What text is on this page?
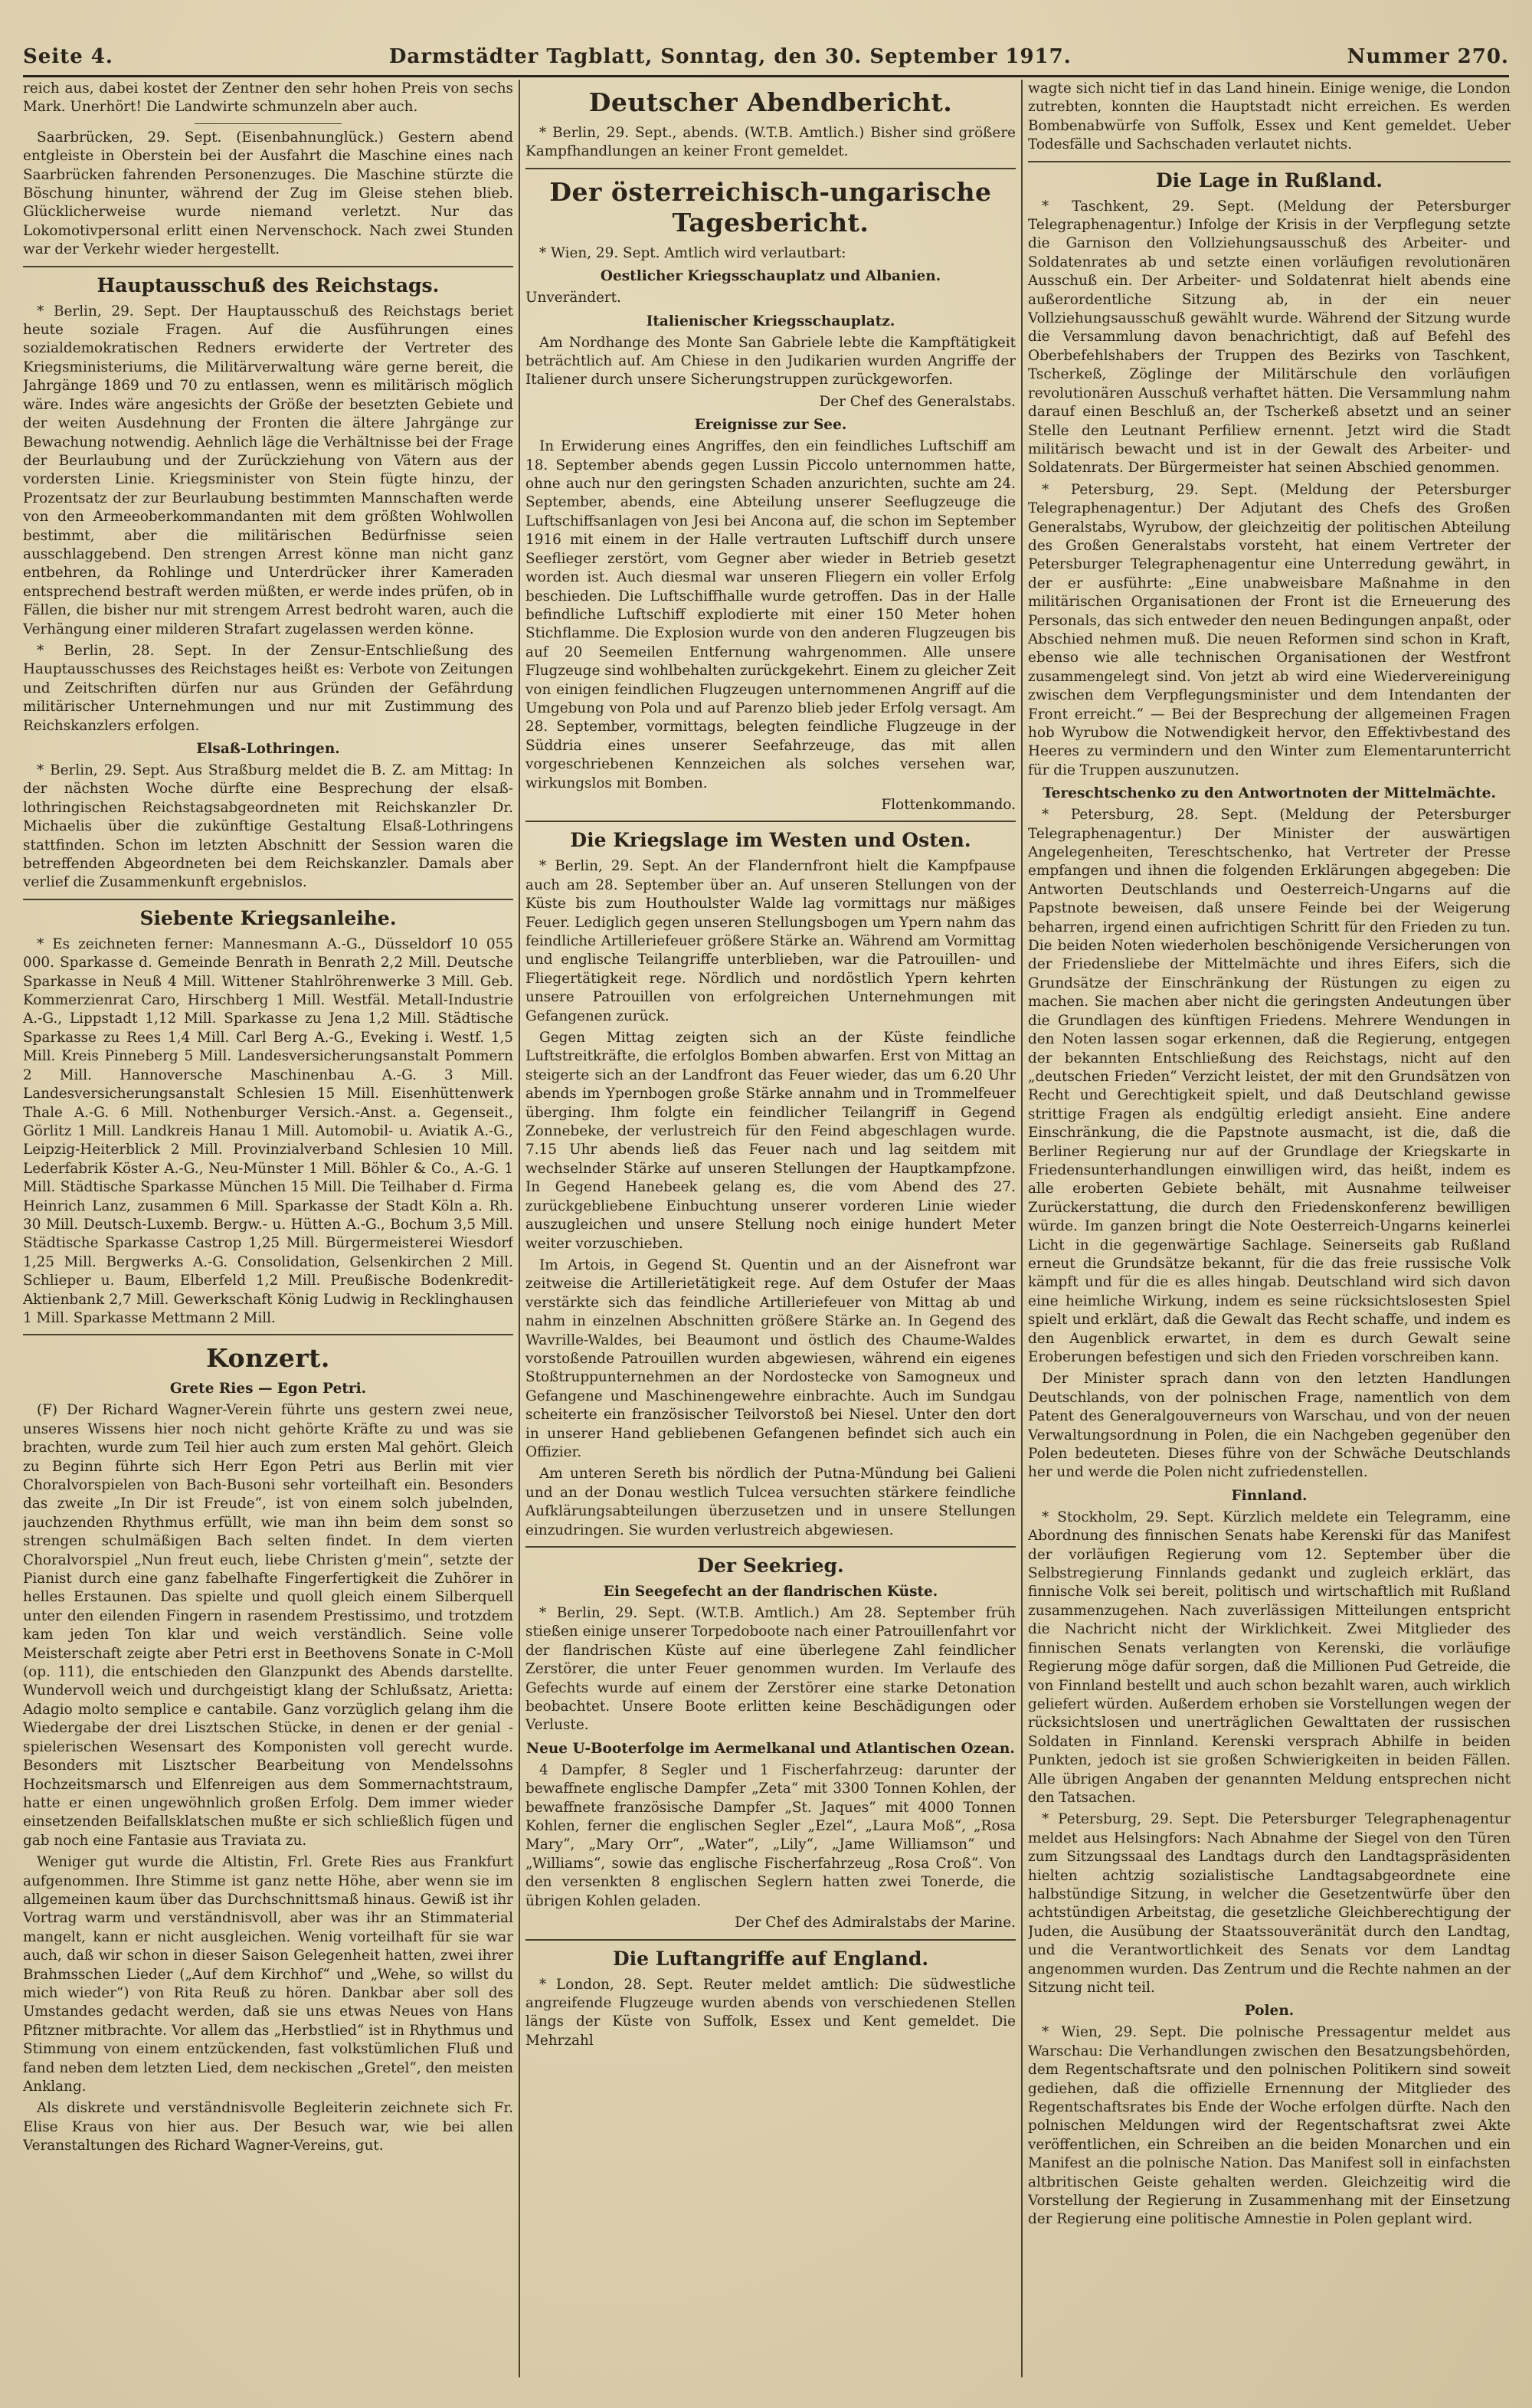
Seite 4.	Darmstädter Tagblatt, Sonntag, den 30. September 1917.	Nummer 270.

reich aus, dabei kostet der Zentner den sehr hohen Preis von sechs Mark. Unerhört! Die Landwirte schmunzeln aber auch.

Saarbrücken, 29. Sept. (Eisenbahnunglück.) Gestern abend entgleiste in Oberstein bei der Ausfahrt die Maschine eines nach Saarbrücken fahrenden Personenzuges. Die Maschine stürzte die Böschung hinunter, während der Zug im Gleise stehen blieb. Glücklicherweise wurde niemand verletzt. Nur das Lokomotivpersonal erlitt einen Nervenschock. Nach zwei Stunden war der Verkehr wieder hergestellt.

Hauptausschuß des Reichstags.

* Berlin, 29. Sept. Der Hauptausschuß des Reichstags beriet heute soziale Fragen. Auf die Ausführungen eines sozialdemokratischen Redners erwiderte der Vertreter des Kriegsministeriums, die Militärverwaltung wäre gerne bereit, die Jahrgänge 1869 und 70 zu entlassen, wenn es militärisch möglich wäre. Indes wäre angesichts der Größe der besetzten Gebiete und der weiten Ausdehnung der Fronten die ältere Jahrgänge zur Bewachung notwendig. Aehnlich läge die Verhältnisse bei der Frage der Beurlaubung und der Zurückziehung von Vätern aus der vordersten Linie. Kriegsminister von Stein fügte hinzu, der Prozentsatz der zur Beurlaubung bestimmten Mannschaften werde von den Armeeoberkommandanten mit dem größten Wohlwollen bestimmt, aber die militärischen Bedürfnisse seien ausschlaggebend. Den strengen Arrest könne man nicht ganz entbehren, da Rohlinge und Unterdrücker ihrer Kameraden entsprechend bestraft werden müßten, er werde indes prüfen, ob in Fällen, die bisher nur mit strengem Arrest bedroht waren, auch die Verhängung einer milderen Strafart zugelassen werden könne.

* Berlin, 28. Sept. In der Zensur-Entschließung des Hauptausschusses des Reichstages heißt es: Verbote von Zeitungen und Zeitschriften dürfen nur aus Gründen der Gefährdung militärischer Unternehmungen und nur mit Zustimmung des Reichskanzlers erfolgen.

Elsaß-Lothringen.

* Berlin, 29. Sept. Aus Straßburg meldet die B. Z. am Mittag: In der nächsten Woche dürfte eine Besprechung der elsaß-lothringischen Reichstagsabgeordneten mit Reichskanzler Dr. Michaelis über die zukünftige Gestaltung Elsaß-Lothringens stattfinden. Schon im letzten Abschnitt der Session waren die betreffenden Abgeordneten bei dem Reichskanzler. Damals aber verlief die Zusammenkunft ergebnislos.

Siebente Kriegsanleihe.

* Es zeichneten ferner: Mannesmann A.-G., Düsseldorf 10 055 000. Sparkasse d. Gemeinde Benrath in Benrath 2,2 Mill. Deutsche Sparkasse in Neuß 4 Mill. Wittener Stahlröhrenwerke 3 Mill. Geb. Kommerzienrat Caro, Hirschberg 1 Mill. Westfäl. Metall-Industrie A.-G., Lippstadt 1,12 Mill. Sparkasse zu Jena 1,2 Mill. Städtische Sparkasse zu Rees 1,4 Mill. Carl Berg A.-G., Eveking i. Westf. 1,5 Mill. Kreis Pinneberg 5 Mill. Landesversicherungsanstalt Pommern 2 Mill. Hannoversche Maschinenbau A.-G. 3 Mill. Landesversicherungsanstalt Schlesien 15 Mill. Eisenhüttenwerk Thale A.-G. 6 Mill. Nothenburger Versich.-Anst. a. Gegenseit., Görlitz 1 Mill. Landkreis Hanau 1 Mill. Automobil- u. Aviatik A.-G., Leipzig-Heiterblick 2 Mill. Provinzialverband Schlesien 10 Mill. Lederfabrik Köster A.-G., Neu-Münster 1 Mill. Böhler & Co., A.-G. 1 Mill. Städtische Sparkasse München 15 Mill. Die Teilhaber d. Firma Heinrich Lanz, zusammen 6 Mill. Sparkasse der Stadt Köln a. Rh. 30 Mill. Deutsch-Luxemb. Bergw.- u. Hütten A.-G., Bochum 3,5 Mill. Städtische Sparkasse Castrop 1,25 Mill. Bürgermeisterei Wiesdorf 1,25 Mill. Bergwerks A.-G. Consolidation, Gelsenkirchen 2 Mill. Schlieper u. Baum, Elberfeld 1,2 Mill. Preußische Bodenkredit-Aktienbank 2,7 Mill. Gewerkschaft König Ludwig in Recklinghausen 1 Mill. Sparkasse Mettmann 2 Mill.

Konzert.
Grete Ries — Egon Petri.

(F) Der Richard Wagner-Verein führte uns gestern zwei neue, unseres Wissens hier noch nicht gehörte Kräfte zu und was sie brachten, wurde zum Teil hier auch zum ersten Mal gehört. Gleich zu Beginn führte sich Herr Egon Petri aus Berlin mit vier Choralvorspielen von Bach-Busoni sehr vorteilhaft ein. Besonders das zweite „In Dir ist Freude“, ist von einem solch jubelnden, jauchzenden Rhythmus erfüllt, wie man ihn beim dem sonst so strengen schulmäßigen Bach selten findet. In dem vierten Choralvorspiel „Nun freut euch, liebe Christen g'mein“, setzte der Pianist durch eine ganz fabelhafte Fingerfertigkeit die Zuhörer in helles Erstaunen. Das spielte und quoll gleich einem Silberquell unter den eilenden Fingern in rasendem Prestissimo, und trotzdem kam jeden Ton klar und weich verständlich. Seine volle Meisterschaft zeigte aber Petri erst in Beethovens Sonate in C-Moll (op. 111), die entschieden den Glanzpunkt des Abends darstellte. Wundervoll weich und durchgeistigt klang der Schlußsatz, Arietta: Adagio molto semplice e cantabile. Ganz vorzüglich gelang ihm die Wiedergabe der drei Lisztschen Stücke, in denen er der genial - spielerischen Wesensart des Komponisten voll gerecht wurde. Besonders mit Lisztscher Bearbeitung von Mendelssohns Hochzeitsmarsch und Elfenreigen aus dem Sommernachtstraum, hatte er einen ungewöhnlich großen Erfolg. Dem immer wieder einsetzenden Beifallsklatschen mußte er sich schließlich fügen und gab noch eine Fantasie aus Traviata zu.

Weniger gut wurde die Altistin, Frl. Grete Ries aus Frankfurt aufgenommen. Ihre Stimme ist ganz nette Höhe, aber wenn sie im allgemeinen kaum über das Durchschnittsmaß hinaus. Gewiß ist ihr Vortrag warm und verständnisvoll, aber was ihr an Stimmaterial mangelt, kann er nicht ausgleichen. Wenig vorteilhaft für sie war auch, daß wir schon in dieser Saison Gelegenheit hatten, zwei ihrer Brahmsschen Lieder („Auf dem Kirchhof“ und „Wehe, so willst du mich wieder“) von Rita Reuß zu hören. Dankbar aber soll des Umstandes gedacht werden, daß sie uns etwas Neues von Hans Pfitzner mitbrachte. Vor allem das „Herbstlied“ ist in Rhythmus und Stimmung von einem entzückenden, fast volkstümlichen Fluß und fand neben dem letzten Lied, dem neckischen „Gretel“, den meisten Anklang.

Als diskrete und verständnisvolle Begleiterin zeichnete sich Fr. Elise Kraus von hier aus. Der Besuch war, wie bei allen Veranstaltungen des Richard Wagner-Vereins, gut.

Deutscher Abendbericht.

* Berlin, 29. Sept., abends. (W.T.B. Amtlich.) Bisher sind größere Kampfhandlungen an keiner Front gemeldet.

Der österreichisch-ungarische Tagesbericht.

* Wien, 29. Sept. Amtlich wird verlautbart:

Oestlicher Kriegsschauplatz und Albanien.

Unverändert.

Italienischer Kriegsschauplatz.

Am Nordhange des Monte San Gabriele lebte die Kampftätigkeit beträchtlich auf. Am Chiese in den Judikarien wurden Angriffe der Italiener durch unsere Sicherungstruppen zurückgeworfen.

Der Chef des Generalstabs.

Ereignisse zur See.

In Erwiderung eines Angriffes, den ein feindliches Luftschiff am 18. September abends gegen Lussin Piccolo unternommen hatte, ohne auch nur den geringsten Schaden anzurichten, suchte am 24. September, abends, eine Abteilung unserer Seeflugzeuge die Luftschiffsanlagen von Jesi bei Ancona auf, die schon im September 1916 mit einem in der Halle vertrauten Luftschiff durch unsere Seeflieger zerstört, vom Gegner aber wieder in Betrieb gesetzt worden ist. Auch diesmal war unseren Fliegern ein voller Erfolg beschieden. Die Luftschiffhalle wurde getroffen. Das in der Halle befindliche Luftschiff explodierte mit einer 150 Meter hohen Stichflamme. Die Explosion wurde von den anderen Flugzeugen bis auf 20 Seemeilen Entfernung wahrgenommen. Alle unsere Flugzeuge sind wohlbehalten zurückgekehrt. Einem zu gleicher Zeit von einigen feindlichen Flugzeugen unternommenen Angriff auf die Umgebung von Pola und auf Parenzo blieb jeder Erfolg versagt. Am 28. September, vormittags, belegten feindliche Flugzeuge in der Süddria eines unserer Seefahrzeuge, das mit allen vorgeschriebenen Kennzeichen als solches versehen war, wirkungslos mit Bomben.

Flottenkommando.

Die Kriegslage im Westen und Osten.

* Berlin, 29. Sept. An der Flandernfront hielt die Kampfpause auch am 28. September über an. Auf unseren Stellungen von der Küste bis zum Houthoulster Walde lag vormittags nur mäßiges Feuer. Lediglich gegen unseren Stellungsbogen um Ypern nahm das feindliche Artilleriefeuer größere Stärke an. Während am Vormittag und englische Teilangriffe unterblieben, war die Patrouillen- und Fliegertätigkeit rege. Nördlich und nordöstlich Ypern kehrten unsere Patrouillen von erfolgreichen Unternehmungen mit Gefangenen zurück.

Gegen Mittag zeigten sich an der Küste feindliche Luftstreitkräfte, die erfolglos Bomben abwarfen. Erst von Mittag an steigerte sich an der Landfront das Feuer wieder, das um 6.20 Uhr abends im Ypernbogen große Stärke annahm und in Trommelfeuer überging. Ihm folgte ein feindlicher Teilangriff in Gegend Zonnebeke, der verlustreich für den Feind abgeschlagen wurde. 7.15 Uhr abends ließ das Feuer nach und lag seitdem mit wechselnder Stärke auf unseren Stellungen der Hauptkampfzone. In Gegend Hanebeek gelang es, die vom Abend des 27. zurückgebliebene Einbuchtung unserer vorderen Linie wieder auszugleichen und unsere Stellung noch einige hundert Meter weiter vorzuschieben.

Im Artois, in Gegend St. Quentin und an der Aisnefront war zeitweise die Artillerietätigkeit rege. Auf dem Ostufer der Maas verstärkte sich das feindliche Artilleriefeuer von Mittag ab und nahm in einzelnen Abschnitten größere Stärke an. In Gegend des Wavrille-Waldes, bei Beaumont und östlich des Chaume-Waldes vorstoßende Patrouillen wurden abgewiesen, während ein eigenes Stoßtruppunternehmen an der Nordostecke von Samogneux und Gefangene und Maschinengewehre einbrachte. Auch im Sundgau scheiterte ein französischer Teilvorstoß bei Niesel. Unter den dort in unserer Hand gebliebenen Gefangenen befindet sich auch ein Offizier.

Am unteren Sereth bis nördlich der Putna-Mündung bei Galieni und an der Donau westlich Tulcea versuchten stärkere feindliche Aufklärungsabteilungen überzusetzen und in unsere Stellungen einzudringen. Sie wurden verlustreich abgewiesen.

Der Seekrieg.
Ein Seegefecht an der flandrischen Küste.

* Berlin, 29. Sept. (W.T.B. Amtlich.) Am 28. September früh stießen einige unserer Torpedoboote nach einer Patrouillenfahrt vor der flandrischen Küste auf eine überlegene Zahl feindlicher Zerstörer, die unter Feuer genommen wurden. Im Verlaufe des Gefechts wurde auf einem der Zerstörer eine starke Detonation beobachtet. Unsere Boote erlitten keine Beschädigungen oder Verluste.

Neue U-Booterfolge im Aermelkanal und Atlantischen Ozean.

4 Dampfer, 8 Segler und 1 Fischerfahrzeug: darunter der bewaffnete englische Dampfer „Zeta“ mit 3300 Tonnen Kohlen, der bewaffnete französische Dampfer „St. Jaques“ mit 4000 Tonnen Kohlen, ferner die englischen Segler „Ezel“, „Laura Moß“, „Rosa Mary“, „Mary Orr“, „Water“, „Lily“, „Jame Williamson“ und „Williams“, sowie das englische Fischerfahrzeug „Rosa Croß“. Von den versenkten 8 englischen Seglern hatten zwei Tonerde, die übrigen Kohlen geladen.

Der Chef des Admiralstabs der Marine.

Die Luftangriffe auf England.

* London, 28. Sept. Reuter meldet amtlich: Die südwestliche angreifende Flugzeuge wurden abends von verschiedenen Stellen längs der Küste von Suffolk, Essex und Kent gemeldet. Die Mehrzahl

wagte sich nicht tief in das Land hinein. Einige wenige, die London zutrebten, konnten die Hauptstadt nicht erreichen. Es werden Bombenabwürfe von Suffolk, Essex und Kent gemeldet. Ueber Todesfälle und Sachschaden verlautet nichts.

Die Lage in Rußland.

* Taschkent, 29. Sept. (Meldung der Petersburger Telegraphenagentur.) Infolge der Krisis in der Verpflegung setzte die Garnison den Vollziehungsausschuß des Arbeiter- und Soldatenrates ab und setzte einen vorläufigen revolutionären Ausschuß ein. Der Arbeiter- und Soldatenrat hielt abends eine außerordentliche Sitzung ab, in der ein neuer Vollziehungsausschuß gewählt wurde. Während der Sitzung wurde die Versammlung davon benachrichtigt, daß auf Befehl des Oberbefehlshabers der Truppen des Bezirks von Taschkent, Tscherkeß, Zöglinge der Militärschule den vorläufigen revolutionären Ausschuß verhaftet hätten. Die Versammlung nahm darauf einen Beschluß an, der Tscherkeß absetzt und an seiner Stelle den Leutnant Perfiliew ernennt. Jetzt wird die Stadt militärisch bewacht und ist in der Gewalt des Arbeiter- und Soldatenrats. Der Bürgermeister hat seinen Abschied genommen.

* Petersburg, 29. Sept. (Meldung der Petersburger Telegraphenagentur.) Der Adjutant des Chefs des Großen Generalstabs, Wyrubow, der gleichzeitig der politischen Abteilung des Großen Generalstabs vorsteht, hat einem Vertreter der Petersburger Telegraphenagentur eine Unterredung gewährt, in der er ausführte: „Eine unabweisbare Maßnahme in den militärischen Organisationen der Front ist die Erneuerung des Personals, das sich entweder den neuen Bedingungen anpaßt, oder Abschied nehmen muß. Die neuen Reformen sind schon in Kraft, ebenso wie alle technischen Organisationen der Westfront zusammengelegt sind. Von jetzt ab wird eine Wiedervereinigung zwischen dem Verpflegungsminister und dem Intendanten der Front erreicht.“ — Bei der Besprechung der allgemeinen Fragen hob Wyrubow die Notwendigkeit hervor, den Effektivbestand des Heeres zu vermindern und den Winter zum Elementarunterricht für die Truppen auszunutzen.

Tereschtschenko zu den Antwortnoten der Mittelmächte.

* Petersburg, 28. Sept. (Meldung der Petersburger Telegraphenagentur.) Der Minister der auswärtigen Angelegenheiten, Tereschtschenko, hat Vertreter der Presse empfangen und ihnen die folgenden Erklärungen abgegeben: Die Antworten Deutschlands und Oesterreich-Ungarns auf die Papstnote beweisen, daß unsere Feinde bei der Weigerung beharren, irgend einen aufrichtigen Schritt für den Frieden zu tun. Die beiden Noten wiederholen beschönigende Versicherungen von der Friedensliebe der Mittelmächte und ihres Eifers, sich die Grundsätze der Einschränkung der Rüstungen zu eigen zu machen. Sie machen aber nicht die geringsten Andeutungen über die Grundlagen des künftigen Friedens. Mehrere Wendungen in den Noten lassen sogar erkennen, daß die Regierung, entgegen der bekannten Entschließung des Reichstags, nicht auf den „deutschen Frieden“ Verzicht leistet, der mit den Grundsätzen von Recht und Gerechtigkeit spielt, und daß Deutschland gewisse strittige Fragen als endgültig erledigt ansieht. Eine andere Einschränkung, die die Papstnote ausmacht, ist die, daß die Berliner Regierung nur auf der Grundlage der Kriegskarte in Friedensunterhandlungen einwilligen wird, das heißt, indem es alle eroberten Gebiete behält, mit Ausnahme teilweiser Zurückerstattung, die durch den Friedenskonferenz bewilligen würde. Im ganzen bringt die Note Oesterreich-Ungarns keinerlei Licht in die gegenwärtige Sachlage. Seinerseits gab Rußland erneut die Grundsätze bekannt, für die das freie russische Volk kämpft und für die es alles hingab. Deutschland wird sich davon eine heimliche Wirkung, indem es seine rücksichtslosesten Spiel spielt und erklärt, daß die Gewalt das Recht schaffe, und indem es den Augenblick erwartet, in dem es durch Gewalt seine Eroberungen befestigen und sich den Frieden vorschreiben kann.

Der Minister sprach dann von den letzten Handlungen Deutschlands, von der polnischen Frage, namentlich von dem Patent des Generalgouverneurs von Warschau, und von der neuen Verwaltungsordnung in Polen, die ein Nachgeben gegenüber den Polen bedeuteten. Dieses führe von der Schwäche Deutschlands her und werde die Polen nicht zufriedenstellen.

Finnland.

* Stockholm, 29. Sept. Kürzlich meldete ein Telegramm, eine Abordnung des finnischen Senats habe Kerenski für das Manifest der vorläufigen Regierung vom 12. September über die Selbstregierung Finnlands gedankt und zugleich erklärt, das finnische Volk sei bereit, politisch und wirtschaftlich mit Rußland zusammenzugehen. Nach zuverlässigen Mitteilungen entspricht die Nachricht nicht der Wirklichkeit. Zwei Mitglieder des finnischen Senats verlangten von Kerenski, die vorläufige Regierung möge dafür sorgen, daß die Millionen Pud Getreide, die von Finnland bestellt und auch schon bezahlt waren, auch wirklich geliefert würden. Außerdem erhoben sie Vorstellungen wegen der rücksichtslosen und unerträglichen Gewalttaten der russischen Soldaten in Finnland. Kerenski versprach Abhilfe in beiden Punkten, jedoch ist sie großen Schwierigkeiten in beiden Fällen. Alle übrigen Angaben der genannten Meldung entsprechen nicht den Tatsachen.

* Petersburg, 29. Sept. Die Petersburger Telegraphenagentur meldet aus Helsingfors: Nach Abnahme der Siegel von den Türen zum Sitzungssaal des Landtags durch den Landtagspräsidenten hielten achtzig sozialistische Landtagsabgeordnete eine halbstündige Sitzung, in welcher die Gesetzentwürfe über den achtstündigen Arbeitstag, die gesetzliche Gleichberechtigung der Juden, die Ausübung der Staatssouveränität durch den Landtag, und die Verantwortlichkeit des Senats vor dem Landtag angenommen wurden. Das Zentrum und die Rechte nahmen an der Sitzung nicht teil.

Polen.

* Wien, 29. Sept. Die polnische Pressagentur meldet aus Warschau: Die Verhandlungen zwischen den Besatzungsbehörden, dem Regentschaftsrate und den polnischen Politikern sind soweit gediehen, daß die offizielle Ernennung der Mitglieder des Regentschaftsrates bis Ende der Woche erfolgen dürfte. Nach den polnischen Meldungen wird der Regentschaftsrat zwei Akte veröffentlichen, ein Schreiben an die beiden Monarchen und ein Manifest an die polnische Nation. Das Manifest soll in einfachsten altbritischen Geiste gehalten werden. Gleichzeitig wird die Vorstellung der Regierung in Zusammenhang mit der Einsetzung der Regierung eine politische Amnestie in Polen geplant wird.
